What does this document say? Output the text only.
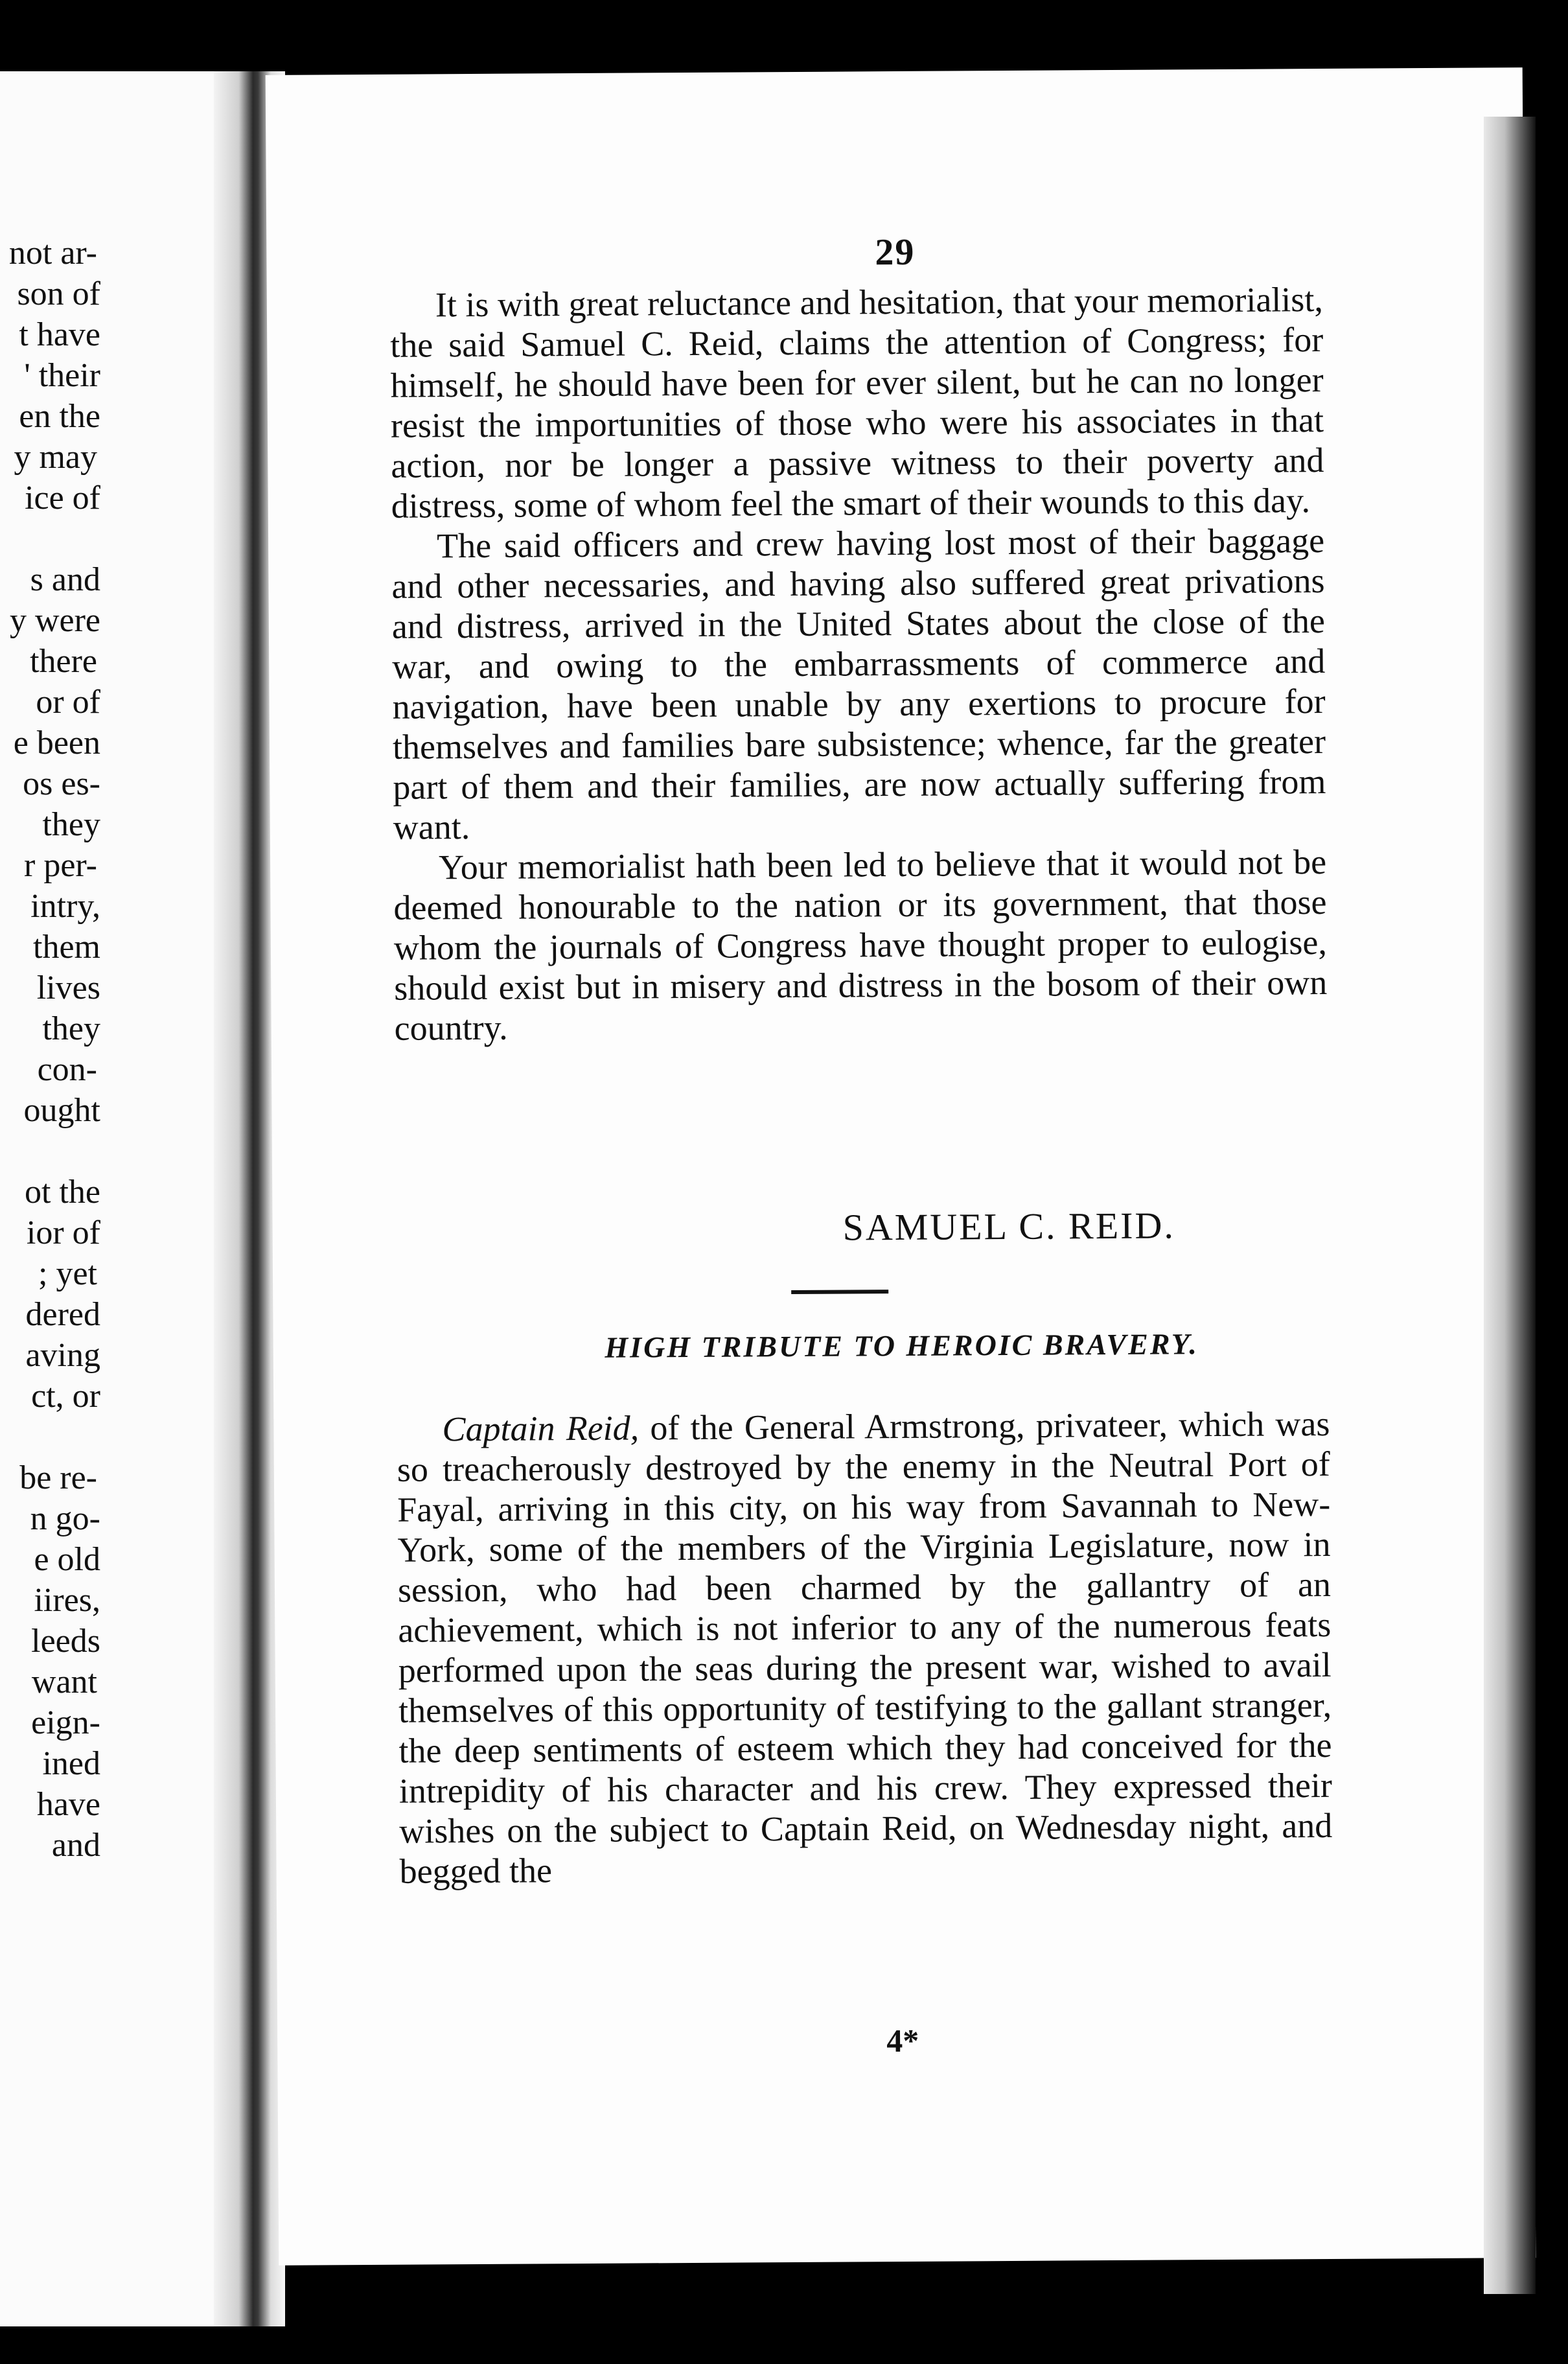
not ar-
son of
t have
' their
en the
y may
ice of
s and
y were
there
or of
e been
os es-
they
r per-
intry,
them
lives
they
con-
ought
ot the
ior of
; yet
dered
aving
ct, or
be re-
n go-
e old
iires,
leeds
want
eign-
ined
have
and
29

It is with great reluctance and hesitation, that your memorialist, the said Samuel C. Reid, claims the attention of Congress; for himself, he should have been for ever silent, but he can no longer resist the importunities of those who were his associates in that action, nor be longer a passive witness to their poverty and distress, some of whom feel the smart of their wounds to this day.

The said officers and crew having lost most of their baggage and other necessaries, and having also suffered great privations and distress, arrived in the United States about the close of the war, and owing to the embarrassments of commerce and navigation, have been unable by any exertions to procure for themselves and families bare subsistence; whence, far the greater part of them and their families, are now actually suffering from want.

Your memorialist hath been led to believe that it would not be deemed honourable to the nation or its government, that those whom the journals of Congress have thought proper to eulogise, should exist but in misery and distress in the bosom of their own country.

SAMUEL C. REID.
HIGH TRIBUTE TO HEROIC BRAVERY.

Captain Reid, of the General Armstrong, privateer, which was so treacherously destroyed by the enemy in the Neutral Port of Fayal, arriving in this city, on his way from Savannah to New-York, some of the members of the Virginia Legislature, now in session, who had been charmed by the gallantry of an achievement, which is not inferior to any of the numerous feats performed upon the seas during the present war, wished to avail themselves of this opportunity of testifying to the gallant stranger, the deep sentiments of esteem which they had conceived for the intrepidity of his character and his crew. They expressed their wishes on the subject to Captain Reid, on Wednesday night, and begged the

4*
